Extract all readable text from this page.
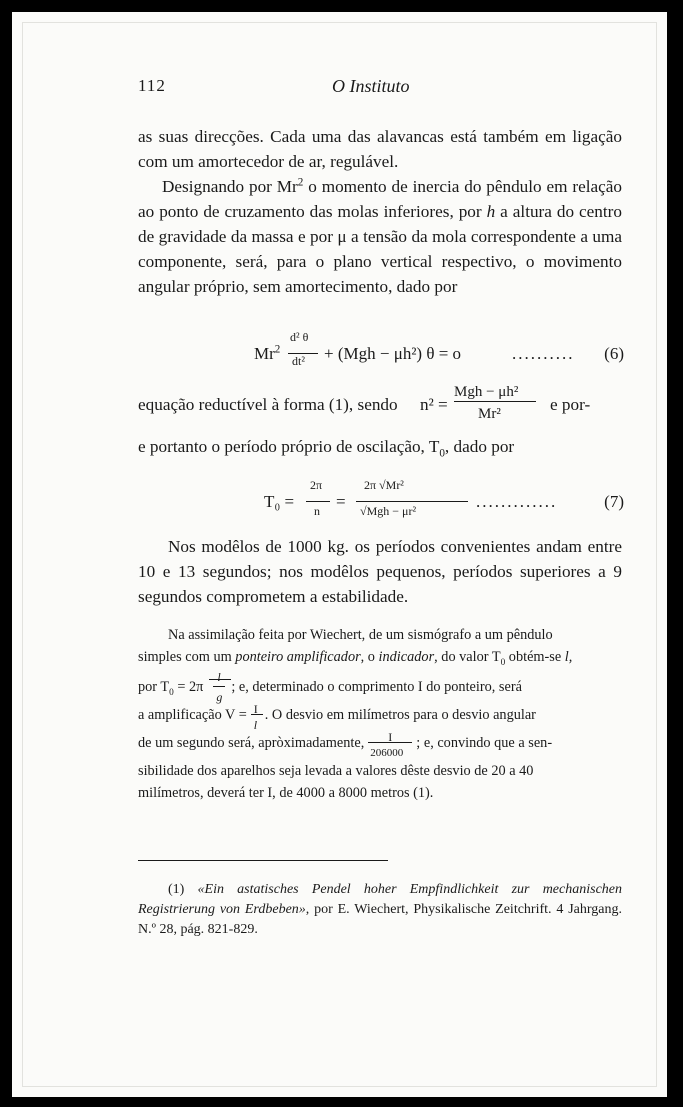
112	O Instituto

as suas direcções. Cada uma das alavancas está também em ligação com um amortecedor de ar, regulável.

Designando por Mr$^2$ o momento de inercia do pêndulo em relação ao ponto de cruzamento das molas inferiores, por h a altura do centro de gravidade da massa e por μ a tensão da mola correspondente a uma componente, será, para o plano vertical respectivo, o movimento angular próprio, sem amortecimento, dado por

Mr$^2$
d² θ
dt² + (Mgh − μh²) θ = o	.......... (6)
equação reductível à forma (1), sendo n² =
Mgh − μh²
Mr²	e por-
e portanto o período próprio de oscilação, $T_0$, dado por
T₀ =
2π
n =
2π √Mr²
√Mgh − μr²	.............	(7)

Nos modêlos de 1000 kg. os períodos convenientes andam entre 10 e 13 segundos; nos modêlos pequenos, períodos superiores a 9 segundos comprometem a estabilidade.

Na assimilação feita por Wiechert, de um sismógrafo a um pêndulo
simples com um ponteiro amplificador, o indicador, do valor $T_0$ obtém-se l,
por $T_0 = 2\pi \frac{l}{g}$ ; e, determinado o comprimento I do ponteiro, será
a amplificação V = I
l
. O desvio em milímetros para o desvio angular
de um segundo será, apròximadamente, I
206000
; e, convindo que a sen-
sibilidade dos aparelhos seja levada a valores dêste desvio de 20 a 40
milímetros, deverá ter I, de 4000 a 8000 metros (1).
(1) «Ein astatisches Pendel hoher Empfindlichkeit zur mechanischen Registrierung von Erdbeben», por E. Wiechert, Physikalische Zeitchrift. 4 Jahrgang. N.º 28, pág. 821-829.
